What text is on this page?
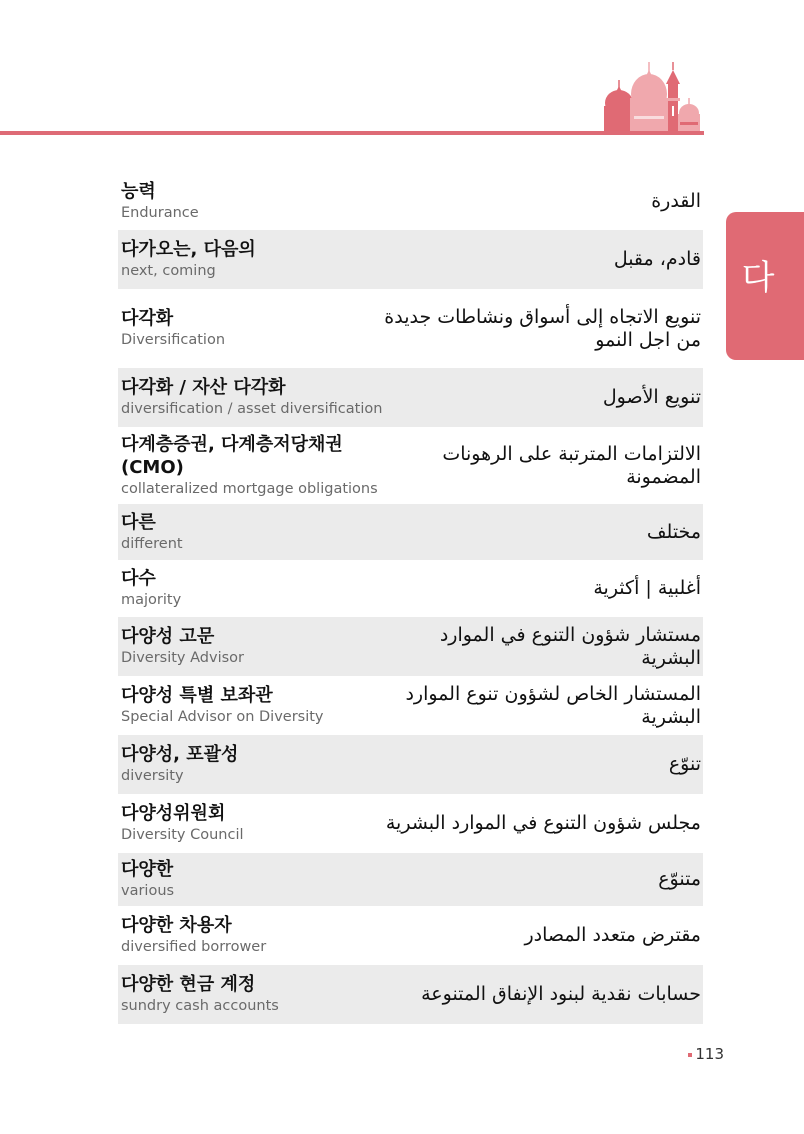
다
능력
Endurance
القدرة
다가오는, 다음의
next, coming
قادم، مقبل
다각화
Diversification
تنويع الاتجاه إلى أسواق ونشاطات جديدة من اجل النمو
다각화 / 자산 다각화
diversification / asset diversification
تنويع الأصول
다계층증권, 다계층저당채권 (CMO)
collateralized mortgage obligations
الالتزامات المترتبة على الرهونات المضمونة
다른
different
مختلف
다수
majority
أغلبية | أكثرية
다양성 고문
Diversity Advisor
مستشار شؤون التنوع في الموارد البشرية
다양성 특별 보좌관
Special Advisor on Diversity
المستشار الخاص لشؤون تنوع الموارد البشرية
다양성, 포괄성
diversity
تنوّع
다양성위원회
Diversity Council
مجلس شؤون التنوع في الموارد البشرية
다양한
various
متنوّع
다양한 차용자
diversified borrower
مقترض متعدد المصادر
다양한 현금 계정
sundry cash accounts
حسابات نقدية لبنود الإنفاق المتنوعة
113
